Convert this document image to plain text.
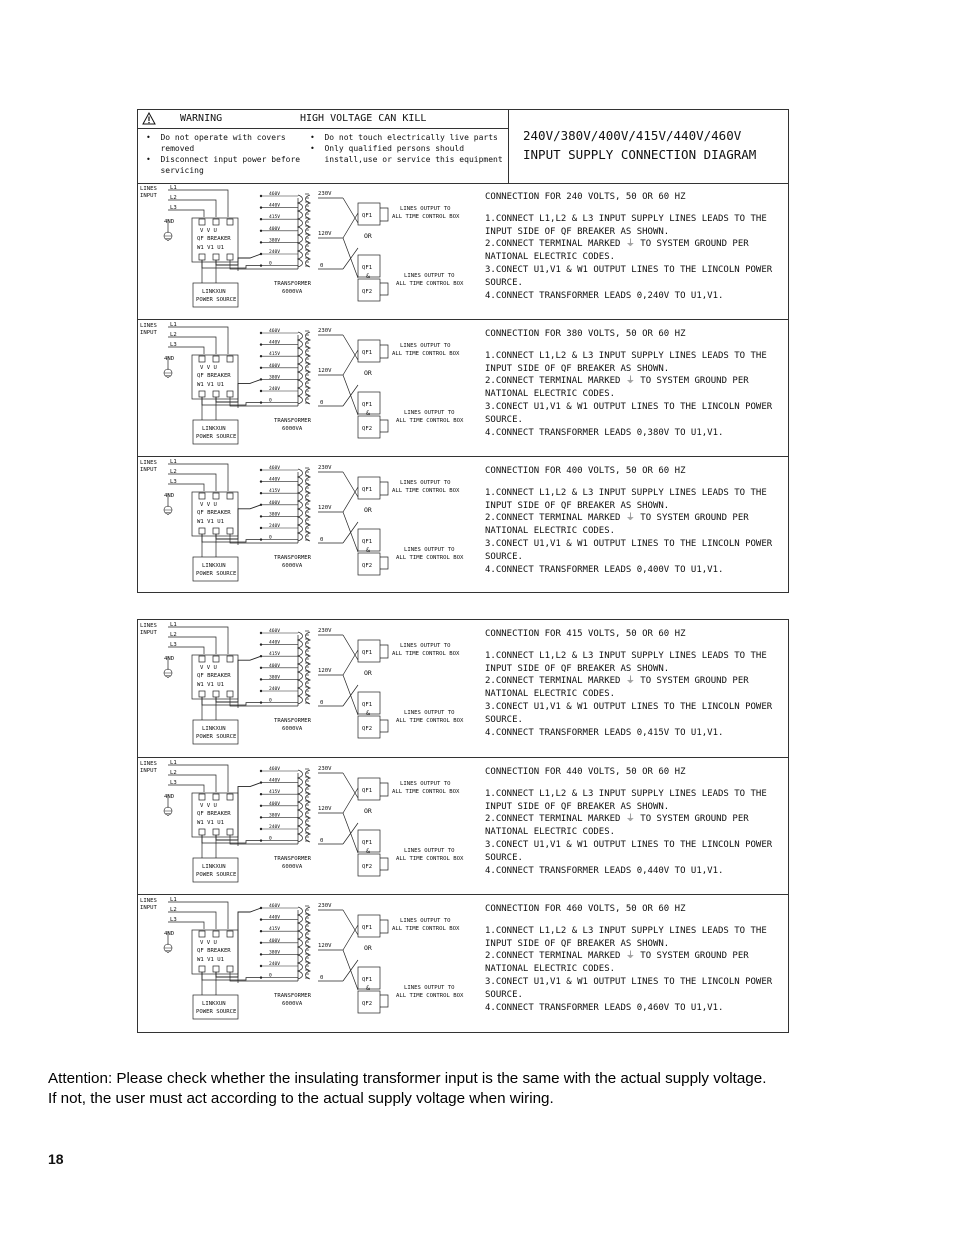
WARNING	HIGH VOLTAGE CAN KILL
•  Do not operate with covers
removed
•  Disconnect input power before
servicing
•  Do not touch electrically live parts
•  Only qualified persons should
install,use or service this equipment
240V/380V/400V/415V/440V/460V
INPUT SUPPLY CONNECTION DIAGRAM
LINES
INPUT
L1
L2
L3
4ND
V V U
QF BREAKER
W1 V1 U1
LINKXUN
POWER SOURCE
TRANSFORMER
6000VA
230V
120V
0
QF1
QF1
QF2
OR
&
LINES OUTPUT TO
ALL TIME CONTROL BOX
LINES OUTPUT TO
ALL TIME CONTROL BOX
460V
440V
415V
400V
380V
240V
0
CONNECTION FOR 240 VOLTS, 50 OR 60 HZ
1.CONNECT L1,L2 & L3 INPUT SUPPLY LINES LEADS TO THE
INPUT SIDE OF QF BREAKER AS SHOWN.
2.CONNECT TERMINAL MARKED ⏚ TO SYSTEM GROUND PER
NATIONAL ELECTRIC CODES.
3.CONECT U1,V1 & W1 OUTPUT LINES TO THE LINCOLN POWER
SOURCE.
4.CONNECT TRANSFORMER LEADS 0,240V TO U1,V1.
LINES
INPUT
L1
L2
L3
4ND
V V U
QF BREAKER
W1 V1 U1
LINKXUN
POWER SOURCE
TRANSFORMER
6000VA
230V
120V
0
QF1
QF1
QF2
OR
&
LINES OUTPUT TO
ALL TIME CONTROL BOX
LINES OUTPUT TO
ALL TIME CONTROL BOX
460V
440V
415V
400V
380V
240V
0
CONNECTION FOR 380 VOLTS, 50 OR 60 HZ
1.CONNECT L1,L2 & L3 INPUT SUPPLY LINES LEADS TO THE
INPUT SIDE OF QF BREAKER AS SHOWN.
2.CONNECT TERMINAL MARKED ⏚ TO SYSTEM GROUND PER
NATIONAL ELECTRIC CODES.
3.CONECT U1,V1 & W1 OUTPUT LINES TO THE LINCOLN POWER
SOURCE.
4.CONNECT TRANSFORMER LEADS 0,380V TO U1,V1.
LINES
INPUT
L1
L2
L3
4ND
V V U
QF BREAKER
W1 V1 U1
LINKXUN
POWER SOURCE
TRANSFORMER
6000VA
230V
120V
0
QF1
QF1
QF2
OR
&
LINES OUTPUT TO
ALL TIME CONTROL BOX
LINES OUTPUT TO
ALL TIME CONTROL BOX
460V
440V
415V
400V
380V
240V
0
CONNECTION FOR 400 VOLTS, 50 OR 60 HZ
1.CONNECT L1,L2 & L3 INPUT SUPPLY LINES LEADS TO THE
INPUT SIDE OF QF BREAKER AS SHOWN.
2.CONNECT TERMINAL MARKED ⏚ TO SYSTEM GROUND PER
NATIONAL ELECTRIC CODES.
3.CONECT U1,V1 & W1 OUTPUT LINES TO THE LINCOLN POWER
SOURCE.
4.CONNECT TRANSFORMER LEADS 0,400V TO U1,V1.
LINES
INPUT
L1
L2
L3
4ND
V V U
QF BREAKER
W1 V1 U1
LINKXUN
POWER SOURCE
TRANSFORMER
6000VA
230V
120V
0
QF1
QF1
QF2
OR
&
LINES OUTPUT TO
ALL TIME CONTROL BOX
LINES OUTPUT TO
ALL TIME CONTROL BOX
460V
440V
415V
400V
380V
240V
0
CONNECTION FOR 415 VOLTS, 50 OR 60 HZ
1.CONNECT L1,L2 & L3 INPUT SUPPLY LINES LEADS TO THE
INPUT SIDE OF QF BREAKER AS SHOWN.
2.CONNECT TERMINAL MARKED ⏚ TO SYSTEM GROUND PER
NATIONAL ELECTRIC CODES.
3.CONECT U1,V1 & W1 OUTPUT LINES TO THE LINCOLN POWER
SOURCE.
4.CONNECT TRANSFORMER LEADS 0,415V TO U1,V1.
LINES
INPUT
L1
L2
L3
4ND
V V U
QF BREAKER
W1 V1 U1
LINKXUN
POWER SOURCE
TRANSFORMER
6000VA
230V
120V
0
QF1
QF1
QF2
OR
&
LINES OUTPUT TO
ALL TIME CONTROL BOX
LINES OUTPUT TO
ALL TIME CONTROL BOX
460V
440V
415V
400V
380V
240V
0
CONNECTION FOR 440 VOLTS, 50 OR 60 HZ
1.CONNECT L1,L2 & L3 INPUT SUPPLY LINES LEADS TO THE
INPUT SIDE OF QF BREAKER AS SHOWN.
2.CONNECT TERMINAL MARKED ⏚ TO SYSTEM GROUND PER
NATIONAL ELECTRIC CODES.
3.CONECT U1,V1 & W1 OUTPUT LINES TO THE LINCOLN POWER
SOURCE.
4.CONNECT TRANSFORMER LEADS 0,440V TO U1,V1.
LINES
INPUT
L1
L2
L3
4ND
V V U
QF BREAKER
W1 V1 U1
LINKXUN
POWER SOURCE
TRANSFORMER
6000VA
230V
120V
0
QF1
QF1
QF2
OR
&
LINES OUTPUT TO
ALL TIME CONTROL BOX
LINES OUTPUT TO
ALL TIME CONTROL BOX
460V
440V
415V
400V
380V
240V
0
CONNECTION FOR 460 VOLTS, 50 OR 60 HZ
1.CONNECT L1,L2 & L3 INPUT SUPPLY LINES LEADS TO THE
INPUT SIDE OF QF BREAKER AS SHOWN.
2.CONNECT TERMINAL MARKED ⏚ TO SYSTEM GROUND PER
NATIONAL ELECTRIC CODES.
3.CONECT U1,V1 & W1 OUTPUT LINES TO THE LINCOLN POWER
SOURCE.
4.CONNECT TRANSFORMER LEADS 0,460V TO U1,V1.
Attention: Please check whether the insulating transformer input is the same with the actual supply voltage.
If not, the user must act according to the actual supply voltage when wiring.
18
